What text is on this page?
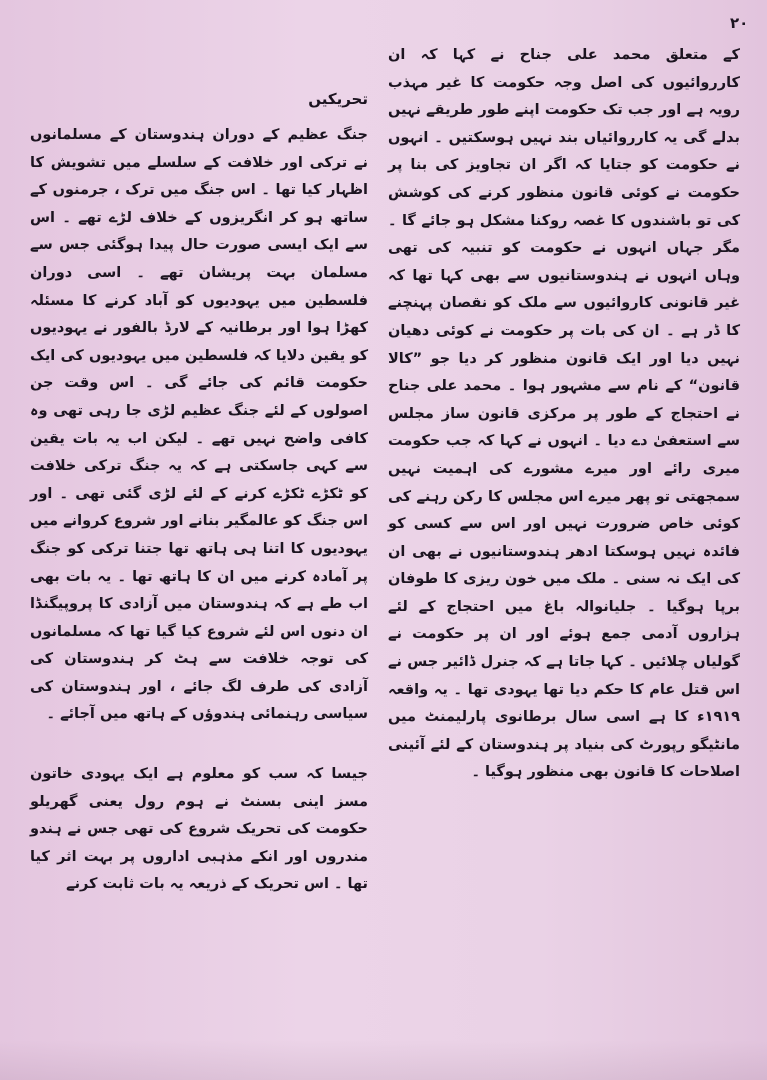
۲۰

کے متعلق محمد علی جناح نے کہا کہ ان کارروائیوں کی اصل وجہ حکومت کا غیر مہذب رویہ ہے اور جب تک حکومت اپنے طور طریقے نہیں بدلے گی یہ کارروائیاں بند نہیں ہوسکتیں ۔ انہوں نے حکومت کو جتایا کہ اگر ان تجاویز کی بنا پر حکومت نے کوئی قانون منظور کرنے کی کوشش کی تو باشندوں کا غصہ روکنا مشکل ہو جائے گا ۔ مگر جہاں انہوں نے حکومت کو تنبیہ کی تھی وہاں انہوں نے ہندوستانیوں سے بھی کہا تھا کہ غیر قانونی کاروائیوں سے ملک کو نقصان پہنچنے کا ڈر ہے ۔ ان کی بات پر حکومت نے کوئی دھیان نہیں دیا اور ایک قانون منظور کر دیا جو ”کالا قانون“ کے نام سے مشہور ہوا ۔ محمد علی جناح نے احتجاج کے طور پر مرکزی قانون ساز مجلس سے استعفیٰ دے دیا ۔ انہوں نے کہا کہ جب حکومت میری رائے اور میرے مشورے کی اہمیت نہیں سمجھتی تو پھر میرے اس مجلس کا رکن رہنے کی کوئی خاص ضرورت نہیں اور اس سے کسی کو فائدہ نہیں ہوسکتا ادھر ہندوستانیوں نے بھی ان کی ایک نہ سنی ۔ ملک میں خون ریزی کا طوفان برپا ہوگیا ۔ جلیانوالہ باغ میں احتجاج کے لئے ہزاروں آدمی جمع ہوئے اور ان پر حکومت نے گولیاں چلائیں ۔ کہا جاتا ہے کہ جنرل ڈائیر جس نے اس قتل عام کا حکم دیا تھا یہودی تھا ۔ یہ واقعہ ۱۹۱۹ء کا ہے اسی سال برطانوی پارلیمنٹ میں مانٹیگو رپورٹ کی بنیاد پر ہندوستان کے لئے آئینی اصلاحات کا قانون بھی منظور ہوگیا ۔

تحریکیں

جنگ عظیم کے دوران ہندوستان کے مسلمانوں نے ترکی اور خلافت کے سلسلے میں تشویش کا اظہار کیا تھا ۔ اس جنگ میں ترک ، جرمنوں کے ساتھ ہو کر انگریزوں کے خلاف لڑے تھے ۔ اس سے ایک ایسی صورت حال پیدا ہوگئی جس سے مسلمان بہت پریشان تھے ۔ اسی دوران فلسطین میں یہودیوں کو آباد کرنے کا مسئلہ کھڑا ہوا اور برطانیہ کے لارڈ بالفور نے یہودیوں کو یقین دلایا کہ فلسطین میں یہودیوں کی ایک حکومت قائم کی جائے گی ۔ اس وقت جن اصولوں کے لئے جنگ عظیم لڑی جا رہی تھی وہ کافی واضح نہیں تھے ۔ لیکن اب یہ بات یقین سے کہی جاسکتی ہے کہ یہ جنگ ترکی خلافت کو ٹکڑے ٹکڑے کرنے کے لئے لڑی گئی تھی ۔ اور اس جنگ کو عالمگیر بنانے اور شروع کروانے میں یہودیوں کا اتنا ہی ہاتھ تھا جتنا ترکی کو جنگ پر آمادہ کرنے میں ان کا ہاتھ تھا ۔ یہ بات بھی اب طے ہے کہ ہندوستان میں آزادی کا پروپیگنڈا ان دنوں اس لئے شروع کیا گیا تھا کہ مسلمانوں کی توجہ خلافت سے ہٹ کر ہندوستان کی آزادی کی طرف لگ جائے ، اور ہندوستان کی سیاسی رہنمائی ہندوؤں کے ہاتھ میں آجائے ۔

جیسا کہ سب کو معلوم ہے ایک یہودی خاتون مسز اینی بسنٹ نے ہوم رول یعنی گھریلو حکومت کی تحریک شروع کی تھی جس نے ہندو مندروں اور انکے مذہبی اداروں پر بہت اثر کیا تھا ۔ اس تحریک کے ذریعہ یہ بات ثابت کرنے
